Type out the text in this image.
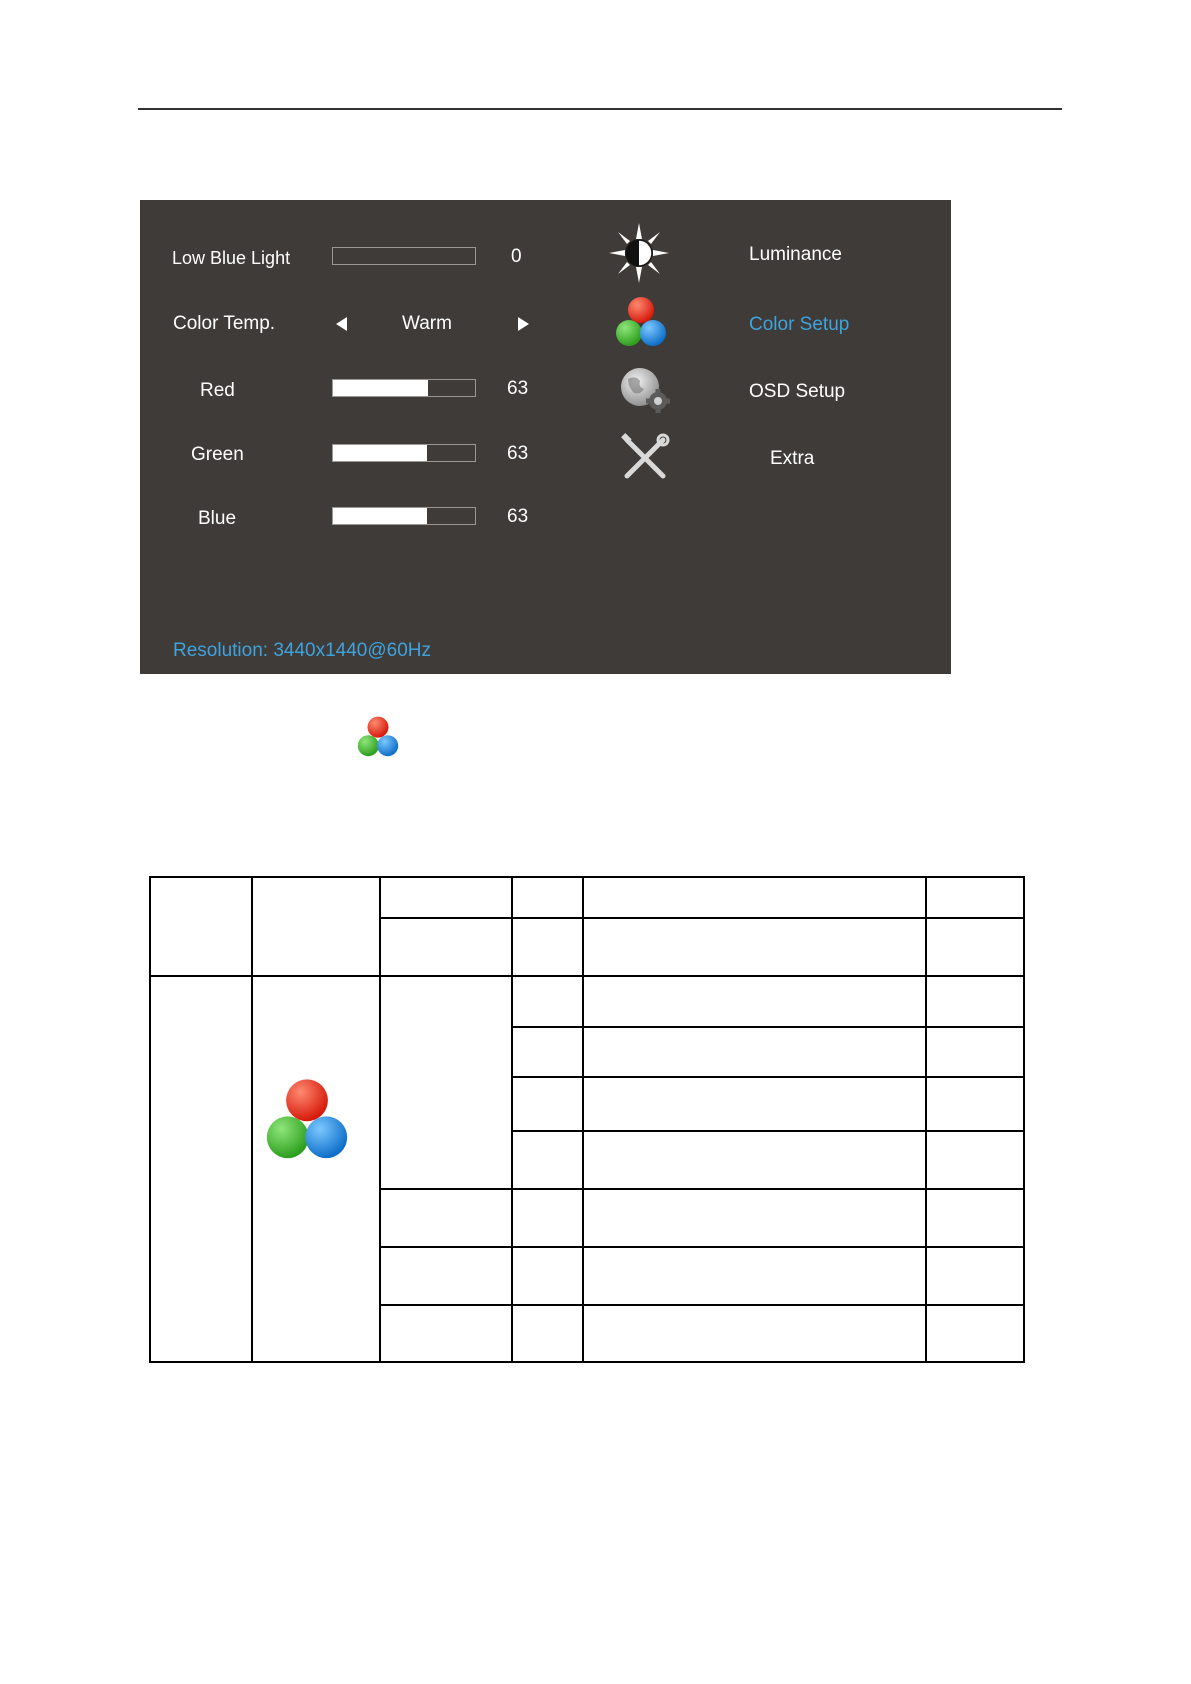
Low Blue Light	0
Color Temp.	Warm
Red	63
Green	63
Blue	63
Luminance
Color Setup
OSD Setup
Extra
Resolution: 3440x1440@60Hz
